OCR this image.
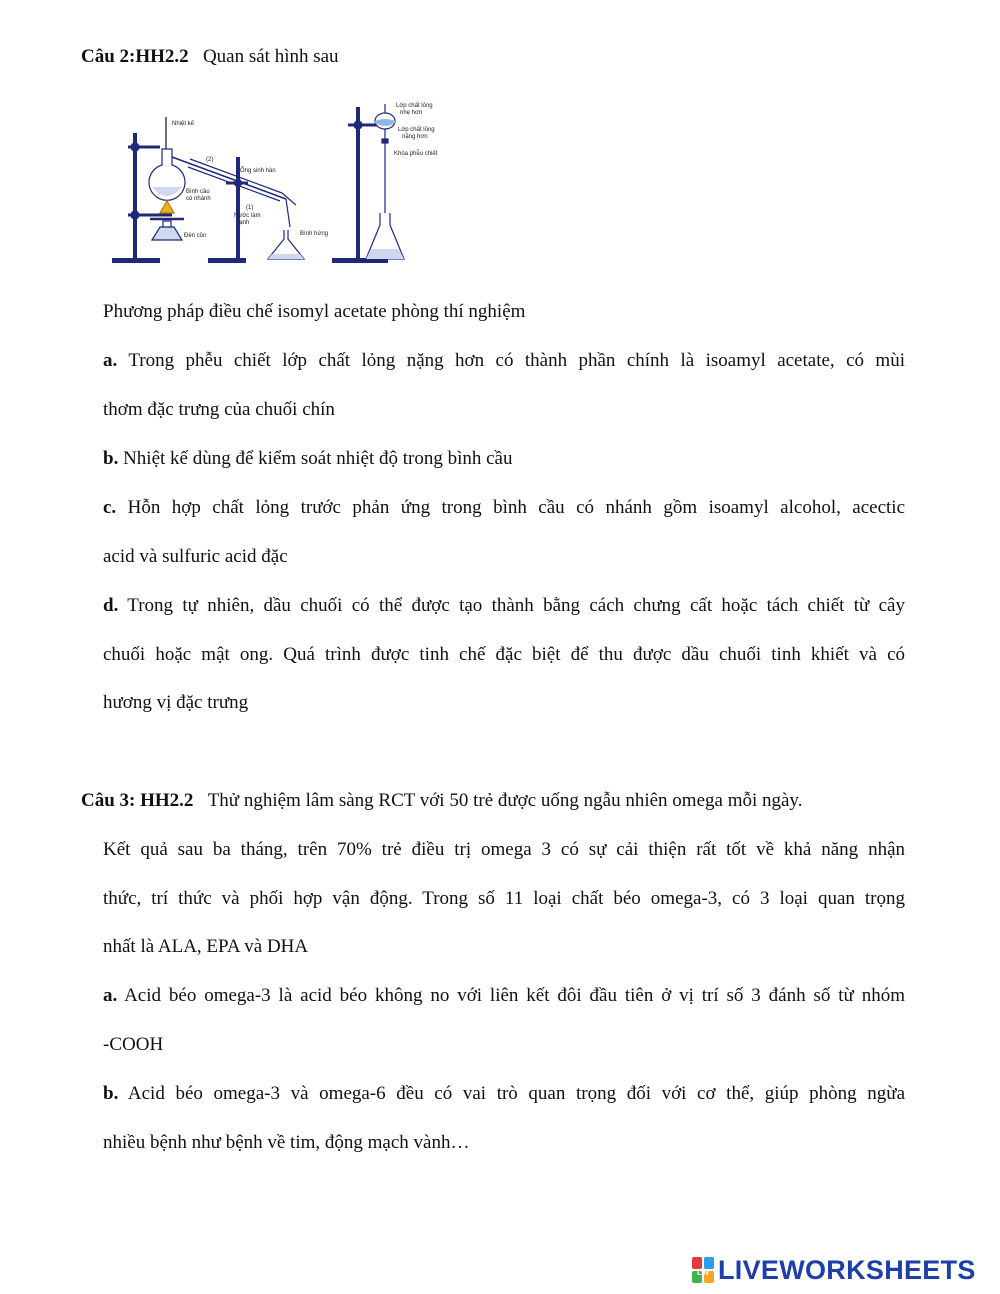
Câu 2:HH2.2 Quan sát hình sau
Nhiệt kế
(2)
Bình cầu
có nhánh
Đèn cồn
Ống sinh hàn
(1)
Nước làm
lạnh
Bình hứng
Lớp chất lỏng
nhẹ hơn
Lớp chất lỏng
nặng hơn
Khóa phễu chiết
Phương pháp điều chế isomyl acetate phòng thí nghiệm
a. Trong phễu chiết lớp chất lỏng nặng hơn có thành phần chính là isoamyl acetate, có mùi
thơm đặc trưng của chuối chín
b. Nhiệt kế dùng để kiểm soát nhiệt độ trong bình cầu
c. Hỗn hợp chất lỏng trước phản ứng trong bình cầu có nhánh gồm isoamyl alcohol, acectic
acid và sulfuric acid đặc
d. Trong tự nhiên, dầu chuối có thể được tạo thành bằng cách chưng cất hoặc tách chiết từ cây
chuối hoặc mật ong. Quá trình được tinh chế đặc biệt để thu được dầu chuối tinh khiết và có
hương vị đặc trưng
Câu 3: HH2.2 Thử nghiệm lâm sàng RCT với 50 trẻ được uống ngẫu nhiên omega mỗi ngày.
Kết quả sau ba tháng, trên 70% trẻ điều trị omega 3 có sự cải thiện rất tốt về khả năng nhận
thức, trí thức và phối hợp vận động. Trong số 11 loại chất béo omega-3, có 3 loại quan trọng
nhất là ALA, EPA và DHA
a. Acid béo omega-3 là acid béo không no với liên kết đôi đầu tiên ở vị trí số 3 đánh số từ nhóm
-COOH
b. Acid béo omega-3 và omega-6 đều có vai trò quan trọng đối với cơ thể, giúp phòng ngừa
nhiều bệnh như bệnh về tim, động mạch vành…
LW LIVEWORKSHEETS
